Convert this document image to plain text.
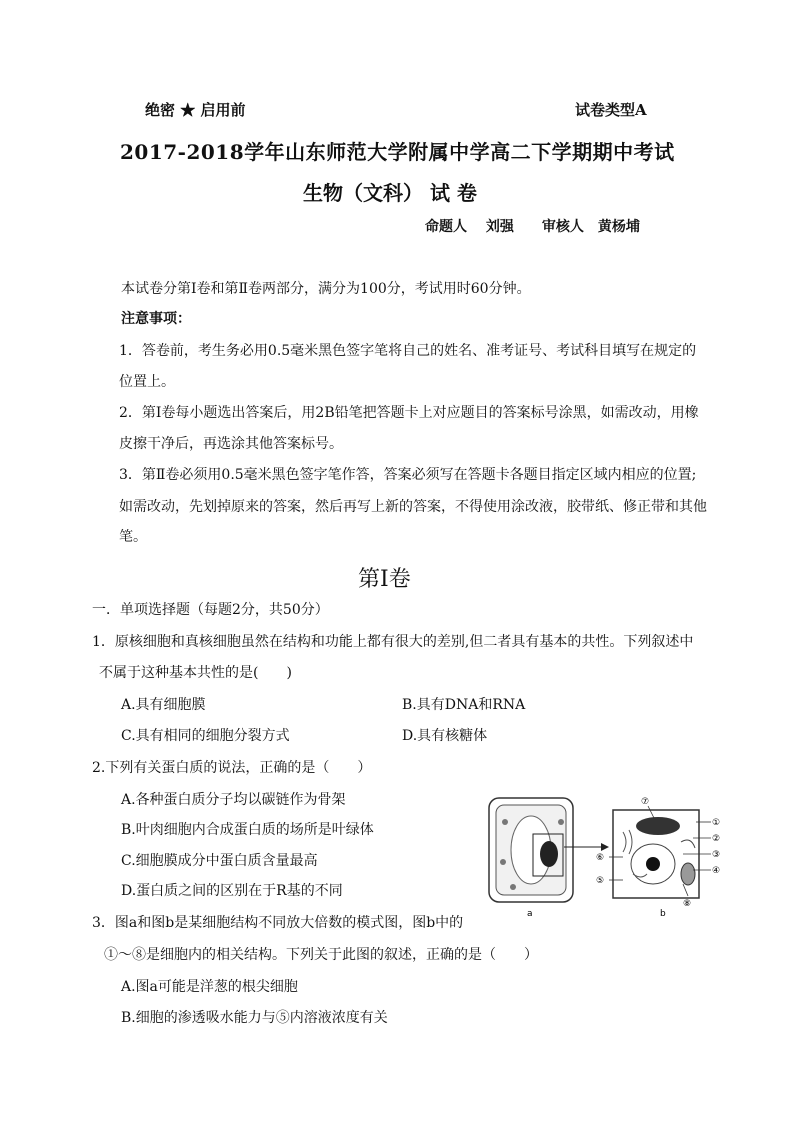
绝密 ★ 启用前	试卷类型A
2017-2018学年山东师范大学附属中学高二下学期期中考试
生物（文科） 试 卷
命题人　 刘强　　审核人　黄杨埔
本试卷分第Ⅰ卷和第Ⅱ卷两部分，满分为100分，考试用时60分钟。
注意事项：
1．答卷前，考生务必用0.5毫米黑色签字笔将自己的姓名、准考证号、考试科目填写在规定的
位置上。
2．第Ⅰ卷每小题选出答案后，用2B铅笔把答题卡上对应题目的答案标号涂黑，如需改动，用橡
皮擦干净后，再选涂其他答案标号。
3．第Ⅱ卷必须用0.5毫米黑色签字笔作答，答案必须写在答题卡各题目指定区域内相应的位置;
如需改动，先划掉原来的答案，然后再写上新的答案，不得使用涂改液，胶带纸、修正带和其他
笔。
第Ⅰ卷
一．单项选择题（每题2分，共50分）
1．原核细胞和真核细胞虽然在结构和功能上都有很大的差别,但二者具有基本的共性。下列叙述中
不属于这种基本共性的是(　　)
A.具有细胞膜	B.具有DNA和RNA
C.具有相同的细胞分裂方式	D.具有核糖体
2.下列有关蛋白质的说法，正确的是（　　）
A.各种蛋白质分子均以碳链作为骨架
B.叶肉细胞内合成蛋白质的场所是叶绿体
C.细胞膜成分中蛋白质含量最高
D.蛋白质之间的区别在于R基的不同
3．图a和图b是某细胞结构不同放大倍数的模式图，图b中的
①～⑧是细胞内的相关结构。下列关于此图的叙述，正确的是（　　）
A.图a可能是洋葱的根尖细胞
B.细胞的渗透吸水能力与⑤内溶液浓度有关
a	b
①
②
③
④
⑤
⑥
⑦
⑧
